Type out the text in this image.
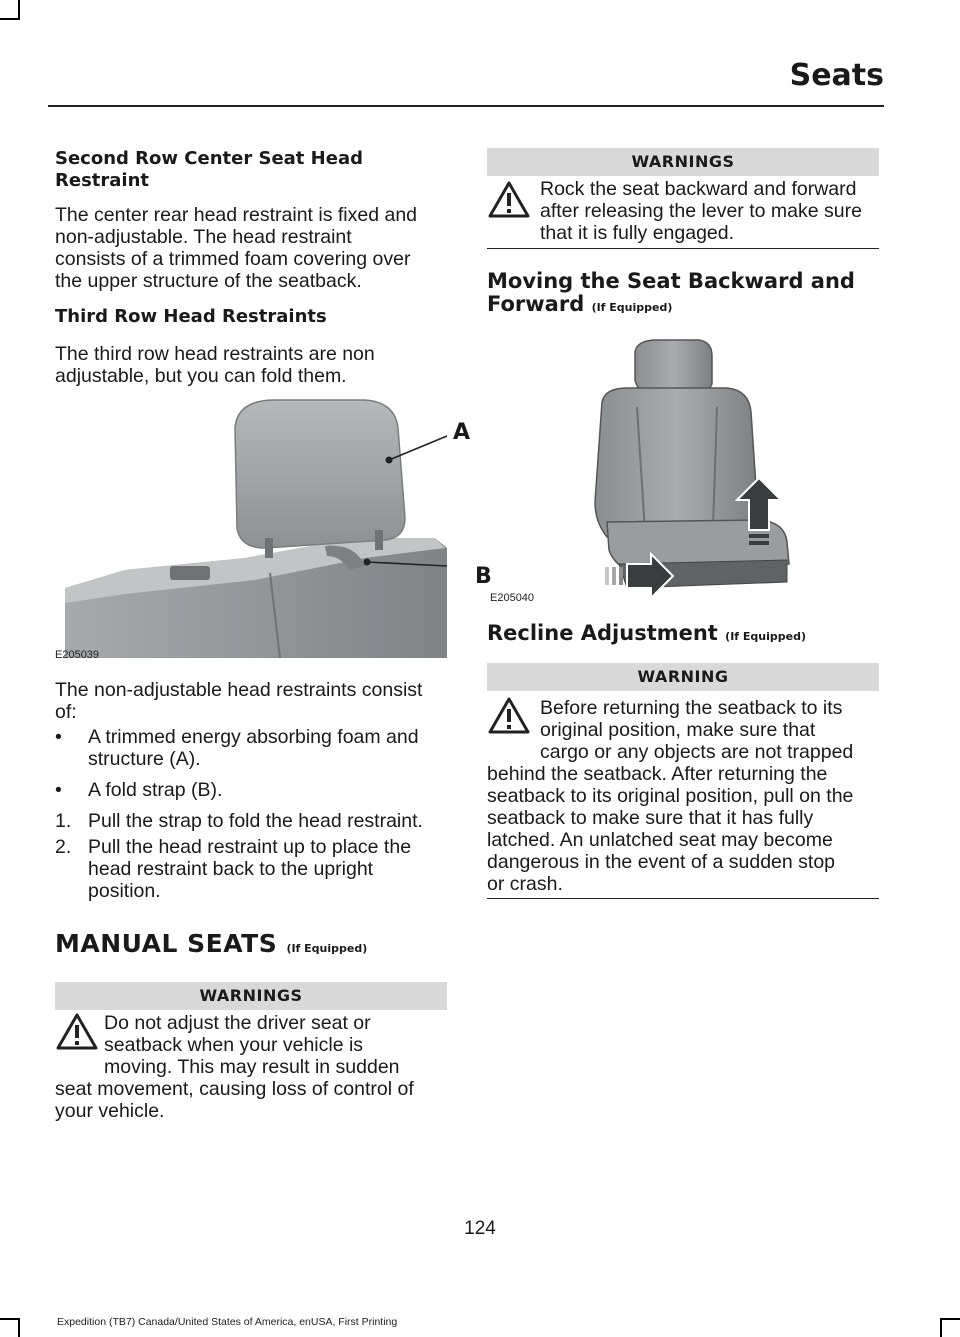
Seats
Second Row Center Seat Head
Restraint
The center rear head restraint is fixed and
non-adjustable. The head restraint
consists of a trimmed foam covering over
the upper structure of the seatback.
Third Row Head Restraints
The third row head restraints are non
adjustable, but you can fold them.
A
B
E205039
The non-adjustable head restraints consist
of:
• A trimmed energy absorbing foam and
structure (A).
• A fold strap (B).
1. Pull the strap to fold the head restraint.
2. Pull the head restraint up to place the
head restraint back to the upright
position.
MANUAL SEATS (If Equipped)
WARNINGS
Do not adjust the driver seat or
seatback when your vehicle is
moving. This may result in sudden
seat movement, causing loss of control of
your vehicle.
WARNINGS
Rock the seat backward and forward
after releasing the lever to make sure
that it is fully engaged.
Moving the Seat Backward and
Forward (If Equipped)
E205040
Recline Adjustment (If Equipped)
WARNING
Before returning the seatback to its
original position, make sure that
cargo or any objects are not trapped
behind the seatback. After returning the
seatback to its original position, pull on the
seatback to make sure that it has fully
latched. An unlatched seat may become
dangerous in the event of a sudden stop
or crash.
124
Expedition (TB7) Canada/United States of America, enUSA, First Printing
